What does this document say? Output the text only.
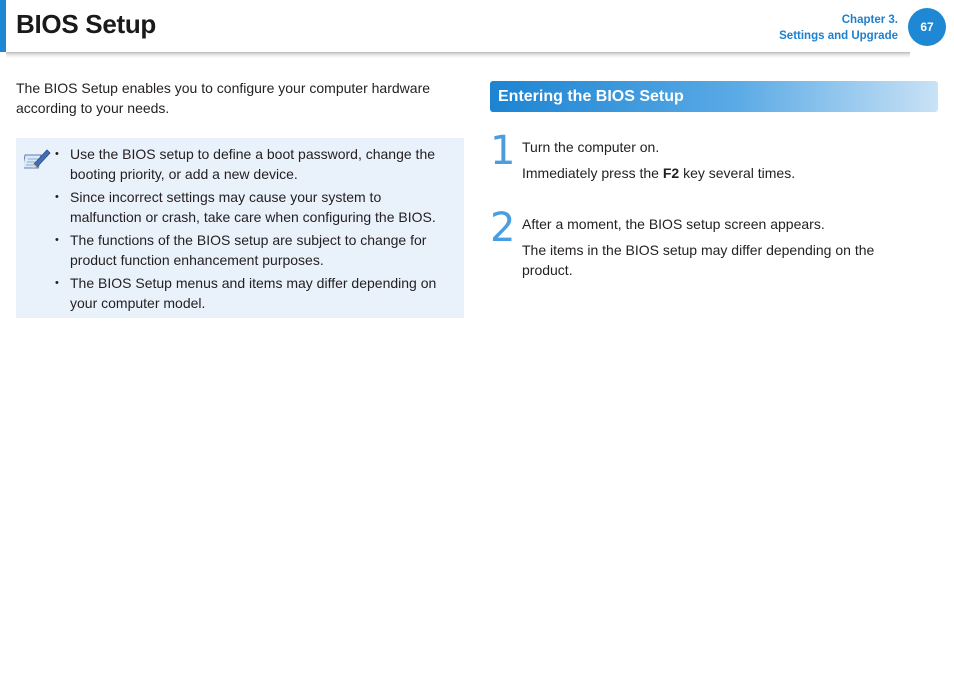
BIOS Setup	Chapter 3.
Settings and Upgrade
67

The BIOS Setup enables you to configure your computer hardware according to your needs.

• Use the BIOS setup to define a boot password, change the booting priority, or add a new device.
• Since incorrect settings may cause your system to malfunction or crash, take care when configuring the BIOS.
• The functions of the BIOS setup are subject to change for product function enhancement purposes.
• The BIOS Setup menus and items may differ depending on your computer model.
Entering the BIOS Setup
1 Turn the computer on.

Immediately press the F2 key several times.

2 After a moment, the BIOS setup screen appears.

The items in the BIOS setup may differ depending on the product.
